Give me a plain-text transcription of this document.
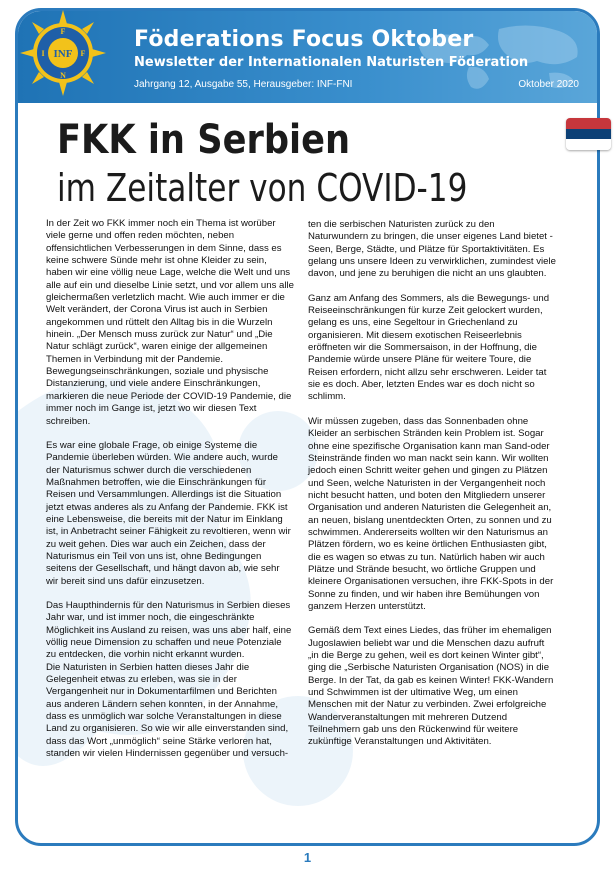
Föderations Focus Oktober
Newsletter der Internationalen Naturisten Föderation
Jahrgang 12, Ausgabe 55, Herausgeber: INF-FNI	Oktober 2020

In der Zeit wo FKK immer noch ein Thema ist worüber viele gerne und offen reden möchten, neben offensichtlichen Verbesserungen in dem Sinne, dass es keine schwere Sünde mehr ist ohne Kleider zu sein, haben wir eine völlig neue Lage, welche die Welt und uns alle auf ein und dieselbe Linie setzt, und vor allem uns alle gleichermaßen verletzlich macht. Wie auch immer er die Welt verändert, der Corona Virus ist auch in Serbien angekommen und rüttelt den Alltag bis in die Wurzeln hinein. „Der Mensch muss zurück zur Natur“ und „Die Natur schlägt zurück“, waren einige der allgemeinen Themen in Verbindung mit der Pandemie. Bewegungseinschränkungen, soziale und physische Distanzierung, und viele andere Einschränkungen, markieren die neue Periode der COVID-19 Pandemie, die immer noch im Gange ist, jetzt wo wir diesen Text schreiben.

Es war eine globale Frage, ob einige Systeme die Pandemie überleben würden. Wie andere auch, wurde der Naturismus schwer durch die verschiedenen Maßnahmen betroffen, wie die Einschränkungen für Reisen und Versammlungen. Allerdings ist die Situation jetzt etwas anderes als zu Anfang der Pandemie. FKK ist eine Lebensweise, die bereits mit der Natur im Einklang ist, in Anbetracht seiner Fähigkeit zu revoltieren, wenn wir zu weit gehen. Dies war auch ein Zeichen, dass der Naturismus ein Teil von uns ist, ohne Bedingungen seitens der Gesellschaft, und hängt davon ab, wie sehr wir bereit sind uns dafür einzusetzen.

Das Haupthindernis für den Naturismus in Serbien dieses Jahr war, und ist immer noch, die eingeschränkte Möglichkeit ins Ausland zu reisen, was uns aber half, eine völlig neue Dimension zu schaffen und neue Potenziale zu entdecken, die vorhin nicht erkannt wurden.

Die Naturisten in Serbien hatten dieses Jahr die Gelegenheit etwas zu erleben, was sie in der Vergangenheit nur in Dokumentarfilmen und Berichten aus anderen Ländern sehen konnten, in der Annahme, dass es unmöglich war solche Veranstaltungen in diese Land zu organisieren. So wie wir alle einverstanden sind, dass das Wort „unmöglich“ seine Stärke verloren hat, standen wir vielen Hindernissen gegenüber und versuch-

ten die serbischen Naturisten zurück zu den Naturwundern zu bringen, die unser eigenes Land bietet - Seen, Berge, Städte, und Plätze für Sportaktivitäten. Es gelang uns unsere Ideen zu verwirklichen, zumindest viele davon, und jene zu beruhigen die nicht an uns glaubten.

Ganz am Anfang des Sommers, als die Bewegungs- und Reiseeinschränkungen für kurze Zeit gelockert wurden, gelang es uns, eine Segeltour in Griechenland zu organisieren. Mit diesem exotischen Reiseerlebnis eröffneten wir die Sommersaison, in der Hoffnung, die Pandemie würde unsere Pläne für weitere Toure, die Reisen erfordern, nicht allzu sehr erschweren. Leider tat sie es doch. Aber, letzten Endes war es doch nicht so schlimm.

Wir müssen zugeben, dass das Sonnenbaden ohne Kleider an serbischen Stränden kein Problem ist. Sogar ohne eine spezifische Organisation kann man Sand-oder Steinstrände finden wo man nackt sein kann. Wir wollten jedoch einen Schritt weiter gehen und gingen zu Plätzen und Seen, welche Naturisten in der Vergangenheit noch nicht besucht hatten, und boten den Mitgliedern unserer Organisation und anderen Naturisten die Gelegenheit an, an neuen, bislang unentdeckten Orten, zu sonnen und zu schwimmen. Andererseits wollten wir den Naturismus an Plätzen fördern, wo es keine örtlichen Enthusiasten gibt, die es wagen so etwas zu tun. Natürlich haben wir auch Plätze und Strände besucht, wo örtliche Gruppen und kleinere Organisationen versuchen, ihre FKK-Spots in der Sonne zu finden, und wir haben ihre Bemühungen von ganzem Herzen unterstützt.

Gemäß dem Text eines Liedes, das früher im ehemaligen Jugoslawien beliebt war und die Menschen dazu aufruft „in die Berge zu gehen, weil es dort keinen Winter gibt“, ging die „Serbische Naturisten Organisation (NOS) in die Berge. In der Tat, da gab es keinen Winter! FKK-Wandern und Schwimmen ist der ultimative Weg, um einen Menschen mit der Natur zu verbinden. Zwei erfolgreiche Wanderveranstaltungen mit mehreren Dutzend Teilnehmern gab uns den Rückenwind für weitere zukünftige Veranstaltungen und Aktivitäten.

INF
F
I	F
N
FKK in Serbien
im Zeitalter von COVID-19
1
